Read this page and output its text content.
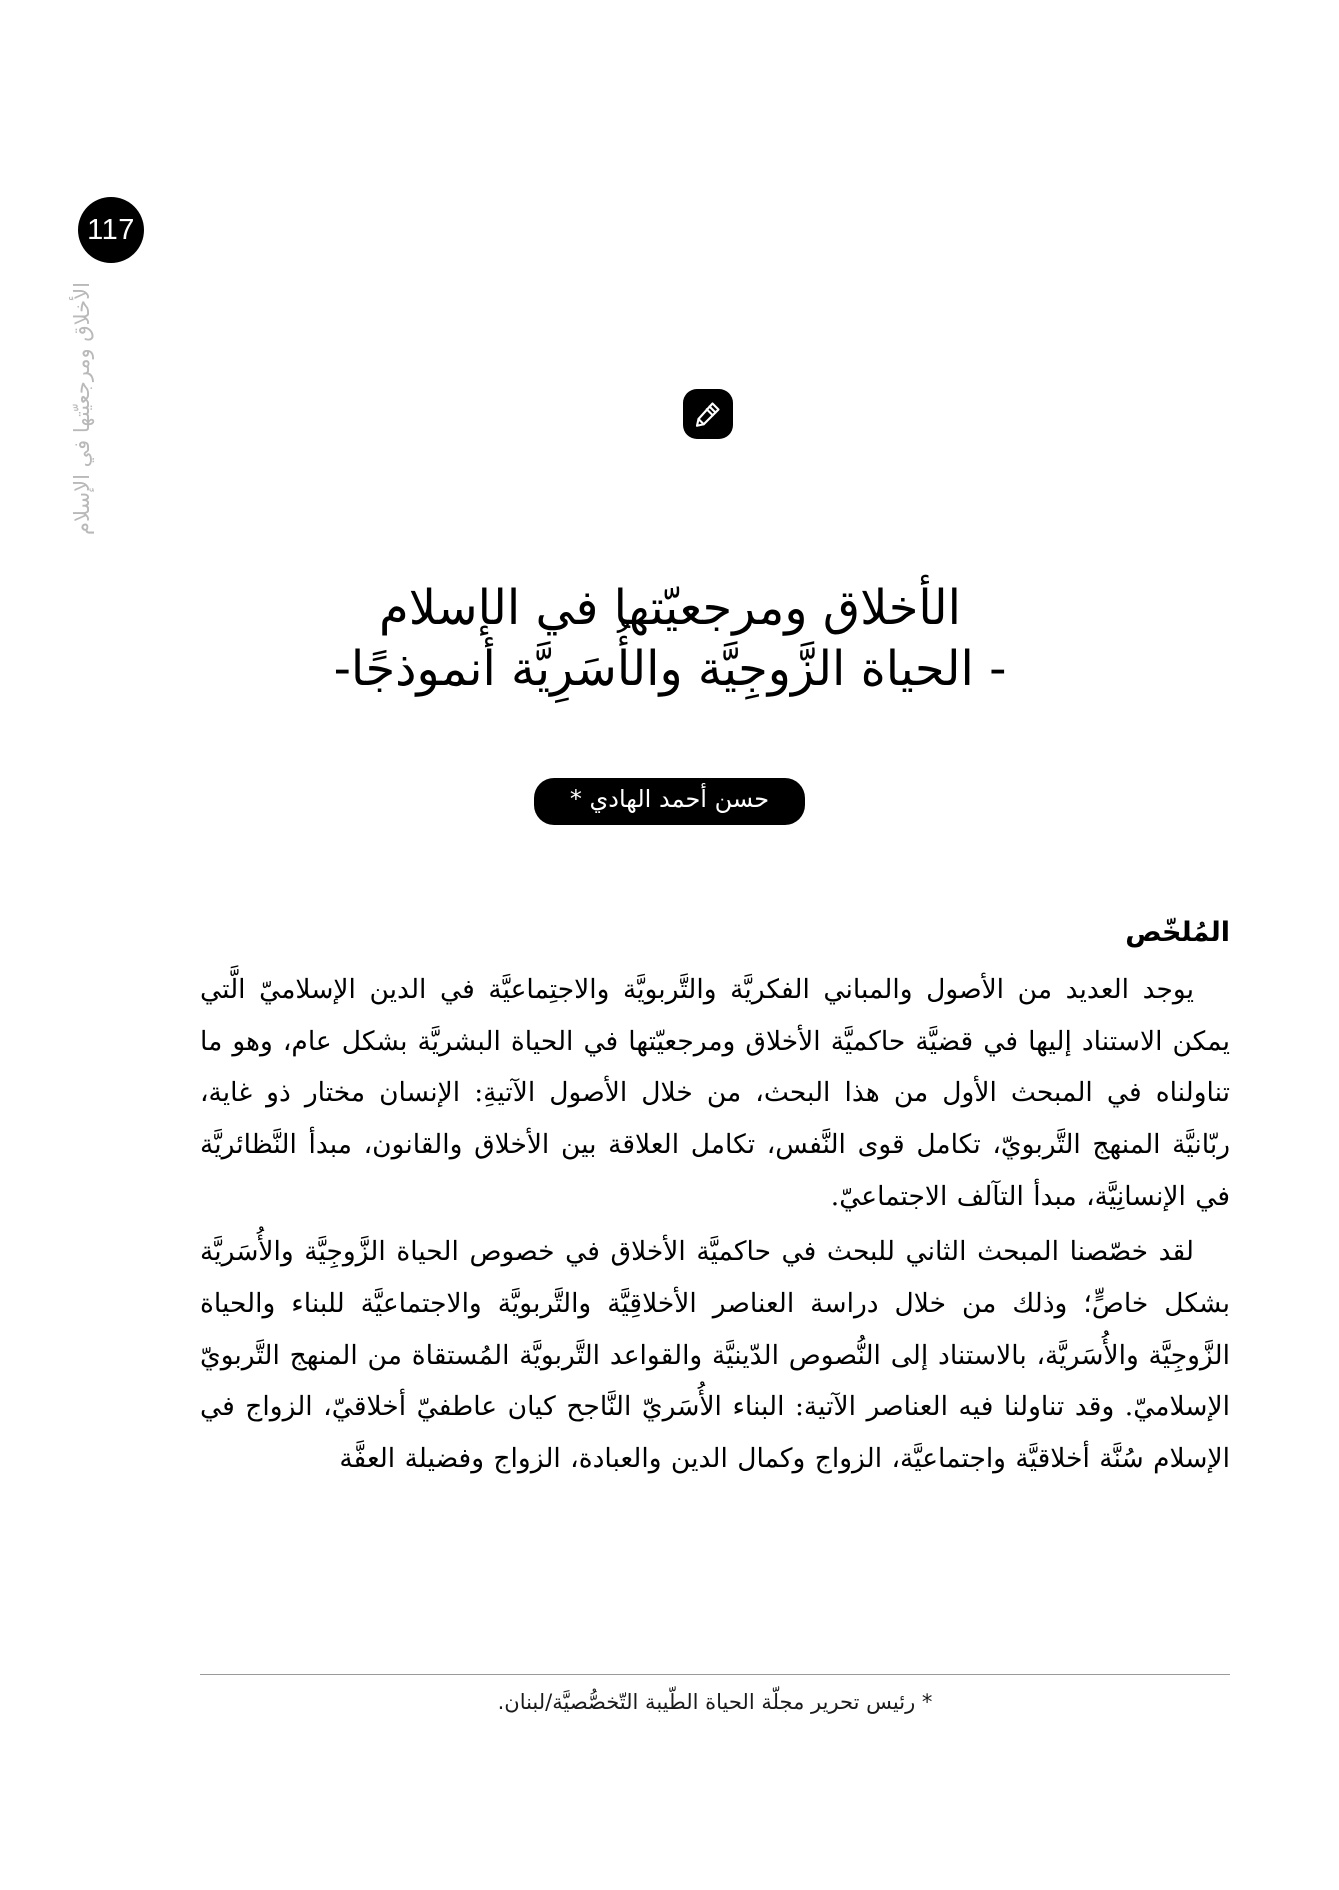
117
الأخلاق ومرجعيّتها في الإسلام
الأخلاق ومرجعيّتها في الإسلام
- الحياة الزَّوجِيَّة والأُسَرِيَّة أنموذجًا-
حسن أحمد الهادي *
المُلخّص

يوجد العديد من الأصول والمباني الفكريَّة والتَّربويَّة والاجتِماعيَّة في الدين الإسلاميّ الَّتي يمكن الاستناد إليها في قضيَّة حاكميَّة الأخلاق ومرجعيّتها في الحياة البشريَّة بشكل عام، وهو ما تناولناه في المبحث الأول من هذا البحث، من خلال الأصول الآتيةِ: الإنسان مختار ذو غاية، ربّانيَّة المنهج التَّربويّ، تكامل قوى النَّفس، تكامل العلاقة بين الأخلاق والقانون، مبدأ النَّظائريَّة في الإنسانِيَّة، مبدأ التآلف الاجتماعيّ.

لقد خصّصنا المبحث الثاني للبحث في حاكميَّة الأخلاق في خصوص الحياة الزَّوجِيَّة والأُسَريَّة بشكل خاصٍّ؛ وذلك من خلال دراسة العناصر الأخلاقِيَّة والتَّربويَّة والاجتماعيَّة للبناء والحياة الزَّوجِيَّة والأُسَريَّة، بالاستناد إلى النُّصوص الدّينيَّة والقواعد التَّربويَّة المُستقاة من المنهج التَّربويّ الإسلاميّ. وقد تناولنا فيه العناصر الآتية: البناء الأُسَريّ النَّاجح كيان عاطفيّ أخلاقيّ، الزواج في الإسلام سُنَّة أخلاقيَّة واجتماعيَّة، الزواج وكمال الدين والعبادة، الزواج وفضيلة العفَّة

* رئيس تحرير مجلّة الحياة الطّيبة التّخصُّصيَّة/لبنان.
